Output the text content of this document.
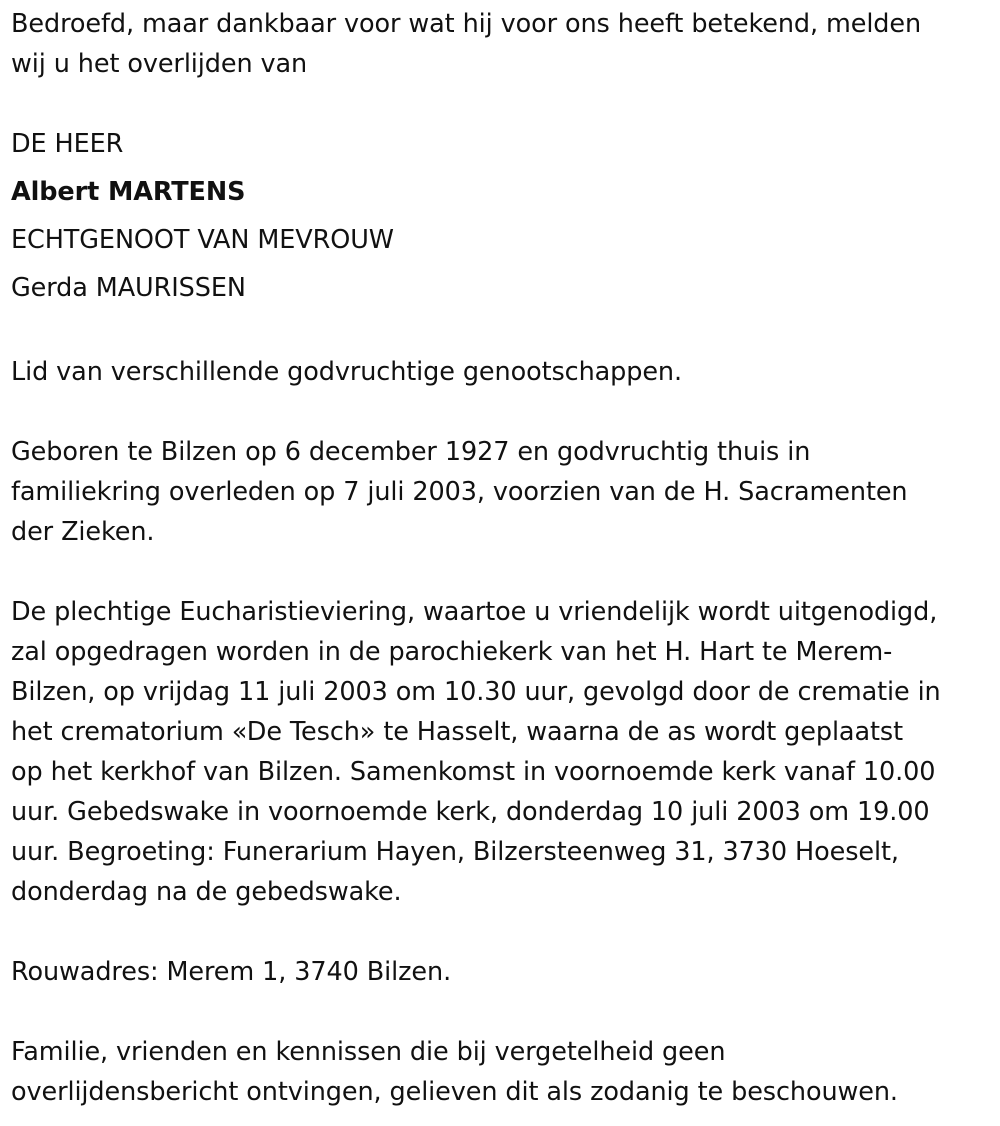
Bedroefd, maar dankbaar voor wat hij voor ons heeft betekend, melden
wij u het overlijden van

DE HEER
Albert MARTENS
ECHTGENOOT VAN MEVROUW
Gerda MAURISSEN

Lid van verschillende godvruchtige genootschappen.

Geboren te Bilzen op 6 december 1927 en godvruchtig thuis in
familiekring overleden op 7 juli 2003, voorzien van de H. Sacramenten
der Zieken.

De plechtige Eucharistieviering, waartoe u vriendelijk wordt uitgenodigd,
zal opgedragen worden in de parochiekerk van het H. Hart te Merem-
Bilzen, op vrijdag 11 juli 2003 om 10.30 uur, gevolgd door de crematie in
het crematorium «De Tesch» te Hasselt, waarna de as wordt geplaatst
op het kerkhof van Bilzen. Samenkomst in voornoemde kerk vanaf 10.00
uur. Gebedswake in voornoemde kerk, donderdag 10 juli 2003 om 19.00
uur. Begroeting: Funerarium Hayen, Bilzersteenweg 31, 3730 Hoeselt,
donderdag na de gebedswake.

Rouwadres: Merem 1, 3740 Bilzen.

Familie, vrienden en kennissen die bij vergetelheid geen
overlijdensbericht ontvingen, gelieven dit als zodanig te beschouwen.
